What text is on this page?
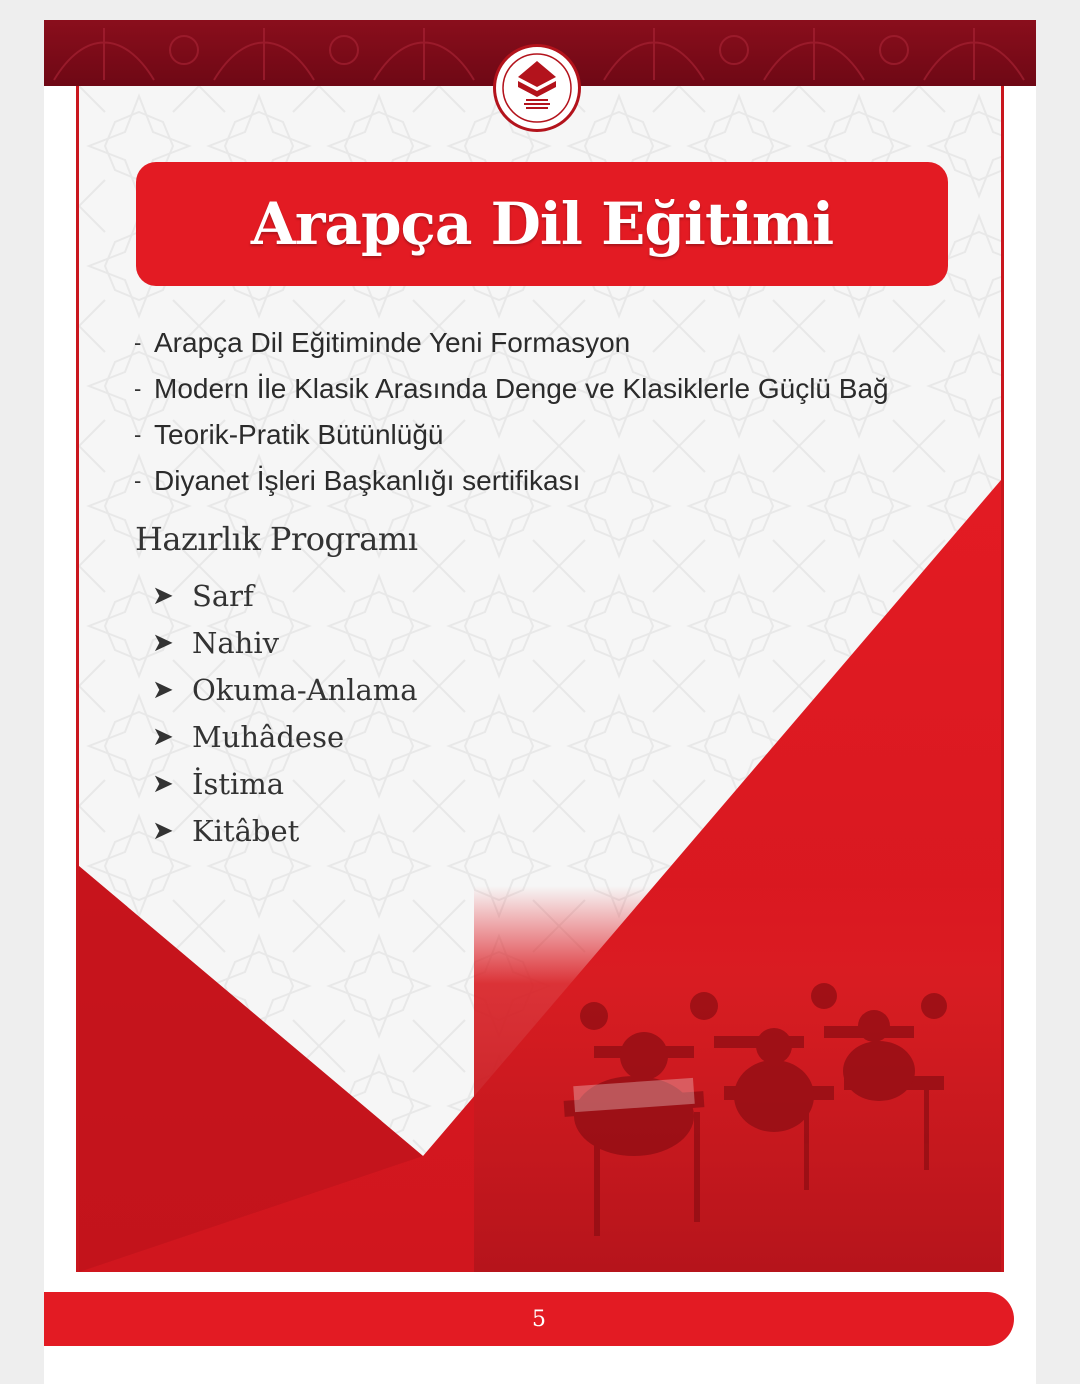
Arapça Dil Eğitimi
- Arapça Dil Eğitiminde Yeni Formasyon
- Modern İle Klasik Arasında Denge ve Klasiklerle Güçlü Bağ
- Teorik-Pratik Bütünlüğü
- Diyanet İşleri Başkanlığı sertifikası
Hazırlık Programı
➤ Sarf
➤ Nahiv
➤ Okuma-Anlama
➤ Muhâdese
➤ İstima
➤ Kitâbet
5
